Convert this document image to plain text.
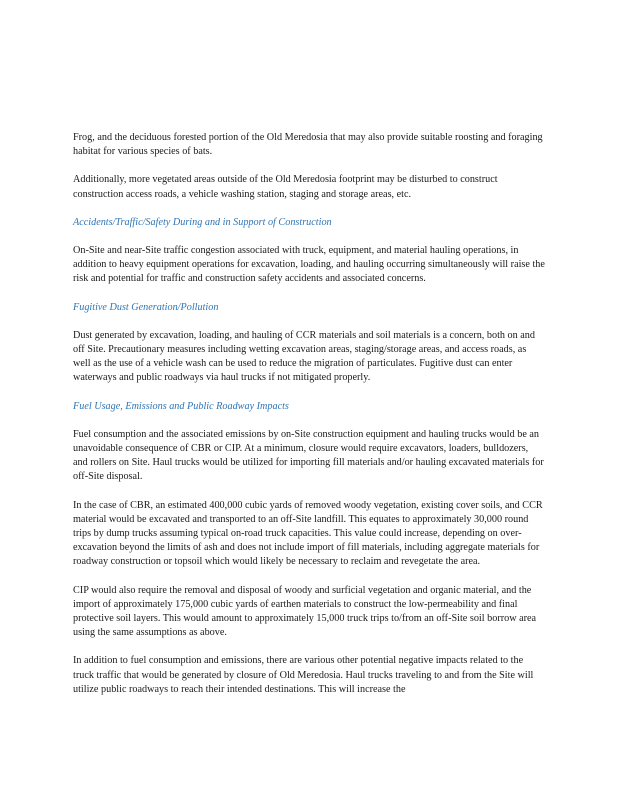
Frog, and the deciduous forested portion of the Old Meredosia that may also provide suitable roosting and foraging habitat for various species of bats.

Additionally, more vegetated areas outside of the Old Meredosia footprint may be disturbed to construct construction access roads, a vehicle washing station, staging and storage areas, etc.

Accidents/Traffic/Safety During and in Support of Construction

On-Site and near-Site traffic congestion associated with truck, equipment, and material hauling operations, in addition to heavy equipment operations for excavation, loading, and hauling occurring simultaneously will raise the risk and potential for traffic and construction safety accidents and associated concerns.

Fugitive Dust Generation/Pollution

Dust generated by excavation, loading, and hauling of CCR materials and soil materials is a concern, both on and off Site. Precautionary measures including wetting excavation areas, staging/storage areas, and access roads, as well as the use of a vehicle wash can be used to reduce the migration of particulates. Fugitive dust can enter waterways and public roadways via haul trucks if not mitigated properly.

Fuel Usage, Emissions and Public Roadway Impacts

Fuel consumption and the associated emissions by on-Site construction equipment and hauling trucks would be an unavoidable consequence of CBR or CIP. At a minimum, closure would require excavators, loaders, bulldozers, and rollers on Site. Haul trucks would be utilized for importing fill materials and/or hauling excavated materials for off-Site disposal.

In the case of CBR, an estimated 400,000 cubic yards of removed woody vegetation, existing cover soils, and CCR material would be excavated and transported to an off-Site landfill. This equates to approximately 30,000 round trips by dump trucks assuming typical on-road truck capacities. This value could increase, depending on over-excavation beyond the limits of ash and does not include import of fill materials, including aggregate materials for roadway construction or topsoil which would likely be necessary to reclaim and revegetate the area.

CIP would also require the removal and disposal of woody and surficial vegetation and organic material, and the import of approximately 175,000 cubic yards of earthen materials to construct the low-permeability and final protective soil layers. This would amount to approximately 15,000 truck trips to/from an off-Site soil borrow area using the same assumptions as above.

In addition to fuel consumption and emissions, there are various other potential negative impacts related to the truck traffic that would be generated by closure of Old Meredosia. Haul trucks traveling to and from the Site will utilize public roadways to reach their intended destinations. This will increase the
